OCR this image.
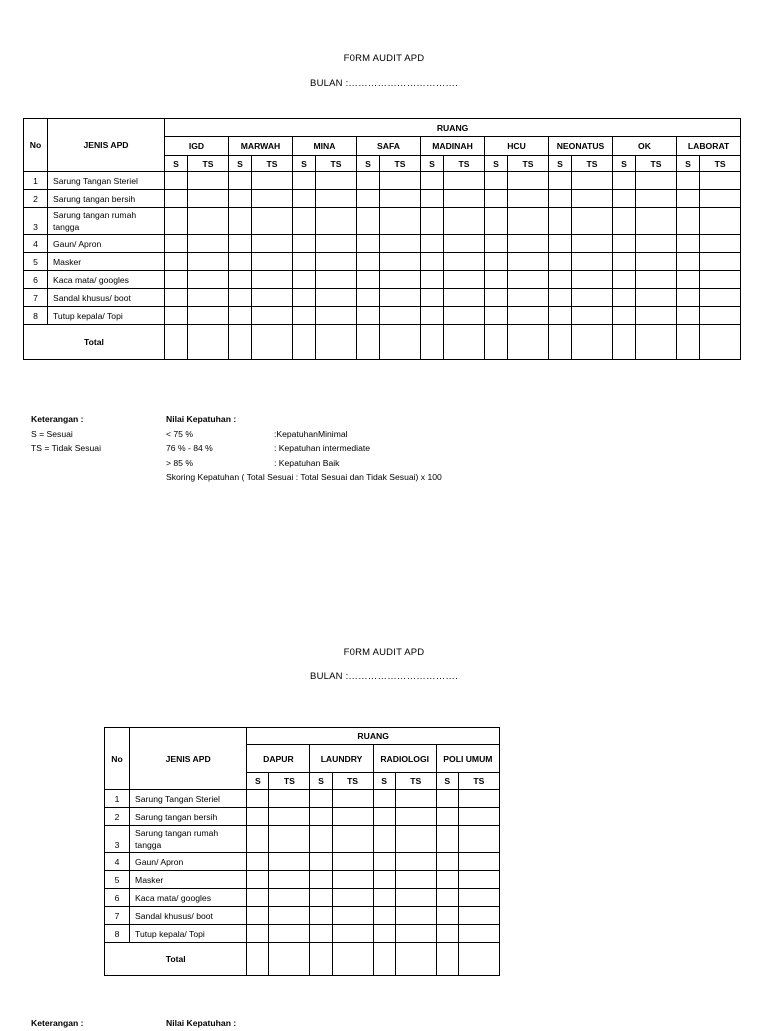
F0RM AUDIT APD
BULAN :…………………………….
No	JENIS APD	RUANG																	
		IGD		MARWAH		MINA		SAFA		MADINAH		HCU		NEONATUS		OK		LABORAT	
		S	TS	S	TS	S	TS	S	TS	S	TS	S	TS	S	TS	S	TS	S	TS
1	Sarung Tangan Steriel																		
2	Sarung tangan bersih																		
3	Sarung tangan rumah tangga																		
4	Gaun/ Apron																		
5	Masker																		
6	Kaca mata/ googles																		
7	Sandal khusus/ boot																		
8	Tutup kepala/ Topi																		
Total																			
Keterangan :
S = Sesuai
TS = Tidak Sesuai
Nilai Kepatuhan :
< 75 %	:KepatuhanMinimal
76 % - 84 %	: Kepatuhan intermediate
> 85 %	: Kepatuhan Baik
Skoring Kepatuhan ( Total Sesuai : Total Sesuai dan Tidak Sesuai) x 100
F0RM AUDIT APD
BULAN :…………………………….
No	JENIS APD	RUANG							
		DAPUR		LAUNDRY		RADIOLOGI		POLI UMUM	
		S	TS	S	TS	S	TS	S	TS
1	Sarung Tangan Steriel								
2	Sarung tangan bersih								
3	Sarung tangan rumah tangga								
4	Gaun/ Apron								
5	Masker								
6	Kaca mata/ googles								
7	Sandal khusus/ boot								
8	Tutup kepala/ Topi								
Total									
Keterangan :	Nilai Kepatuhan :
